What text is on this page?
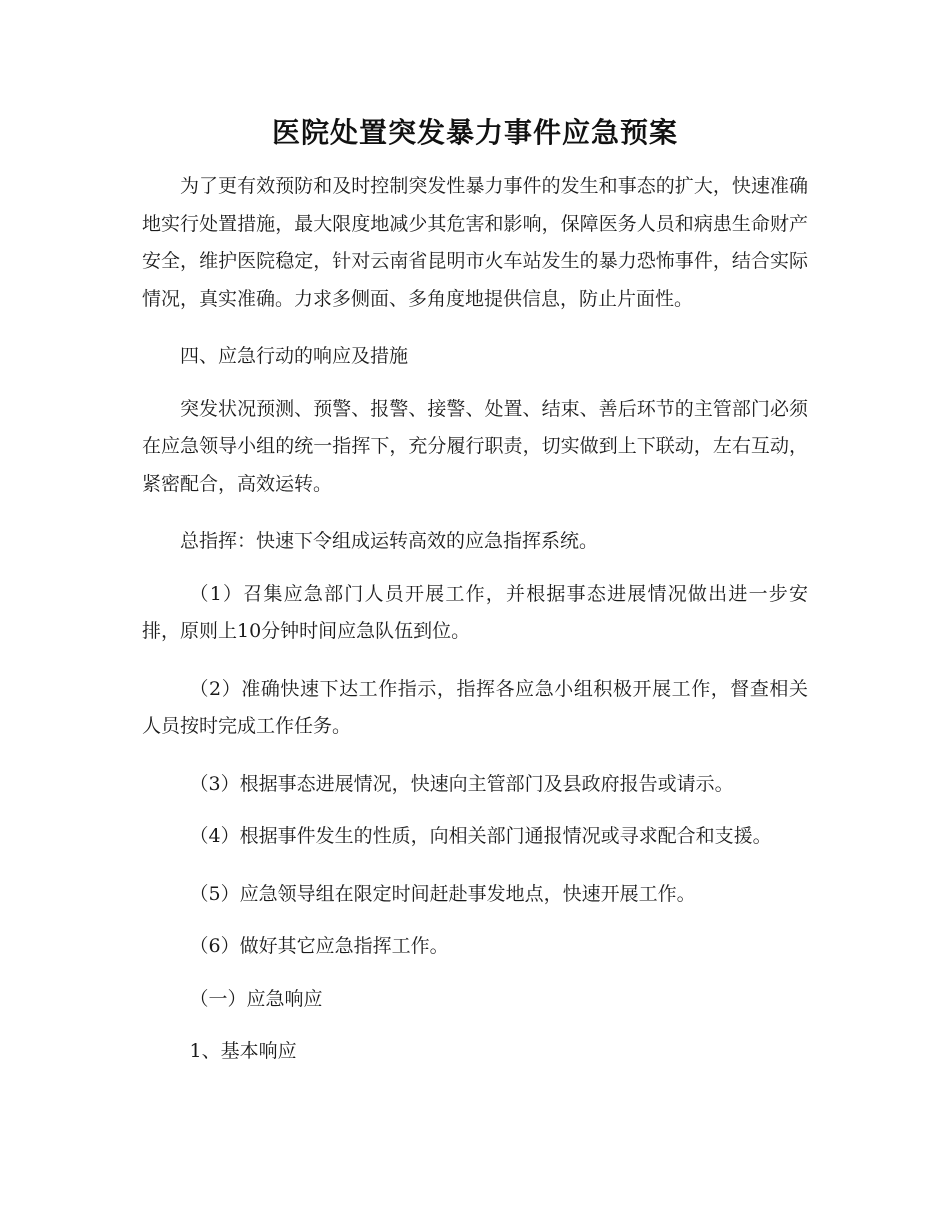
医院处置突发暴力事件应急预案

为了更有效预防和及时控制突发性暴力事件的发生和事态的扩大，快速准确地实行处置措施，最大限度地减少其危害和影响，保障医务人员和病患生命财产安全，维护医院稳定，针对云南省昆明市火车站发生的暴力恐怖事件，结合实际情况，真实准确。力求多侧面、多角度地提供信息，防止片面性。

四、应急行动的响应及措施

突发状况预测、预警、报警、接警、处置、结束、善后环节的主管部门必须在应急领导小组的统一指挥下，充分履行职责，切实做到上下联动，左右互动，紧密配合，高效运转。

总指挥：快速下令组成运转高效的应急指挥系统。

（1）召集应急部门人员开展工作，并根据事态进展情况做出进一步安排，原则上10分钟时间应急队伍到位。

（2）准确快速下达工作指示，指挥各应急小组积极开展工作，督查相关人员按时完成工作任务。

（3）根据事态进展情况，快速向主管部门及县政府报告或请示。

（4）根据事件发生的性质，向相关部门通报情况或寻求配合和支援。

（5）应急领导组在限定时间赶赴事发地点，快速开展工作。

（6）做好其它应急指挥工作。

（一）应急响应

1、基本响应
